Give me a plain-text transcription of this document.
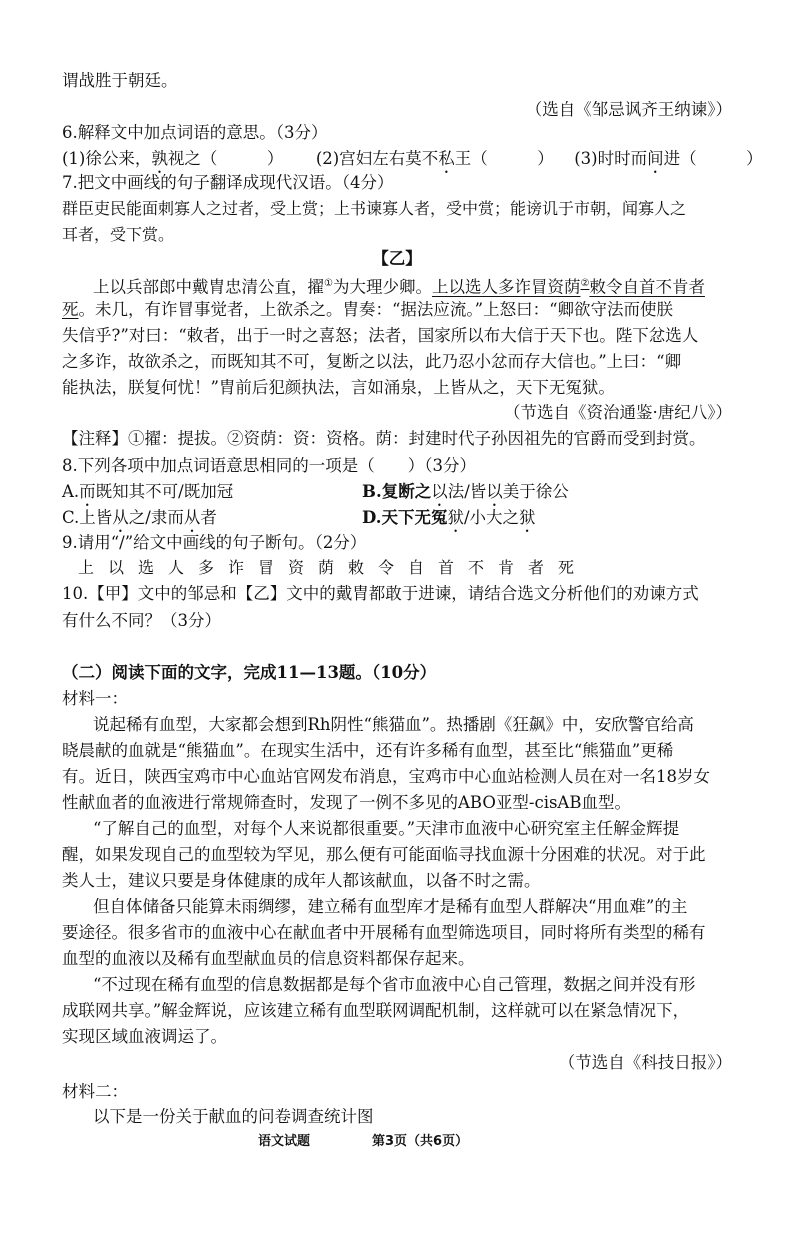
谓战胜于朝廷。
（选自《邹忌讽齐王纳谏》）
6.解释文中加点词语的意思。（3分）
(1)徐公来，孰视之（　　　） (2)宫妇左右莫不私王（　　　） (3)时时而间进（　　　）
7.把文中画线的句子翻译成现代汉语。（4分）
群臣吏民能面刺寡人之过者，受上赏；上书谏寡人者，受中赏；能谤讥于市朝，闻寡人之
耳者，受下赏。
【乙】
上以兵部郎中戴胄忠清公直，擢①为大理少卿。上以选人多诈冒资荫②敕令自首不肯者
死。未几，有诈冒事觉者，上欲杀之。胄奏：“据法应流。”上怒曰：“卿欲守法而使朕
失信乎?”对曰：“敕者，出于一时之喜怒；法者，国家所以布大信于天下也。陛下忿选人
之多诈，故欲杀之，而既知其不可，复断之以法，此乃忍小忿而存大信也。”上曰：“卿
能执法，朕复何忧！”胄前后犯颜执法，言如涌泉，上皆从之，天下无冤狱。
（节选自《资治通鉴·唐纪八》）
【注释】①擢：提拔。②资荫：资：资格。荫：封建时代子孙因祖先的官爵而受到封赏。
8.下列各项中加点词语意思相同的一项是（　　）（3分）
A.而既知其不可/既加冠	B.复断之以法/皆以美于徐公
C.上皆从之/隶而从者	D.天下无冤狱/小大之狱
9.请用“/”给文中画线的句子断句。（2分）
上以选人多诈冒资荫敕令自首不肯者死
10.【甲】文中的邹忌和【乙】文中的戴胄都敢于进谏，请结合选文分析他们的劝谏方式
有什么不同？（3分）
（二）阅读下面的文字，完成11—13题。（10分）
材料一：
说起稀有血型，大家都会想到Rh阴性“熊猫血”。热播剧《狂飙》中，安欣警官给高
晓晨献的血就是“熊猫血”。在现实生活中，还有许多稀有血型，甚至比“熊猫血”更稀
有。近日，陕西宝鸡市中心血站官网发布消息，宝鸡市中心血站检测人员在对一名18岁女
性献血者的血液进行常规筛查时，发现了一例不多见的ABO亚型-cisAB血型。
“了解自己的血型，对每个人来说都很重要。”天津市血液中心研究室主任解金辉提
醒，如果发现自己的血型较为罕见，那么便有可能面临寻找血源十分困难的状况。对于此
类人士，建议只要是身体健康的成年人都该献血，以备不时之需。
但自体储备只能算未雨绸缪，建立稀有血型库才是稀有血型人群解决“用血难”的主
要途径。很多省市的血液中心在献血者中开展稀有血型筛选项目，同时将所有类型的稀有
血型的血液以及稀有血型献血员的信息资料都保存起来。
“不过现在稀有血型的信息数据都是每个省市血液中心自己管理，数据之间并没有形
成联网共享。”解金辉说，应该建立稀有血型联网调配机制，这样就可以在紧急情况下，
实现区域血液调运了。
（节选自《科技日报》）
材料二：
以下是一份关于献血的问卷调查统计图
语文试题	第3页（共6页）
